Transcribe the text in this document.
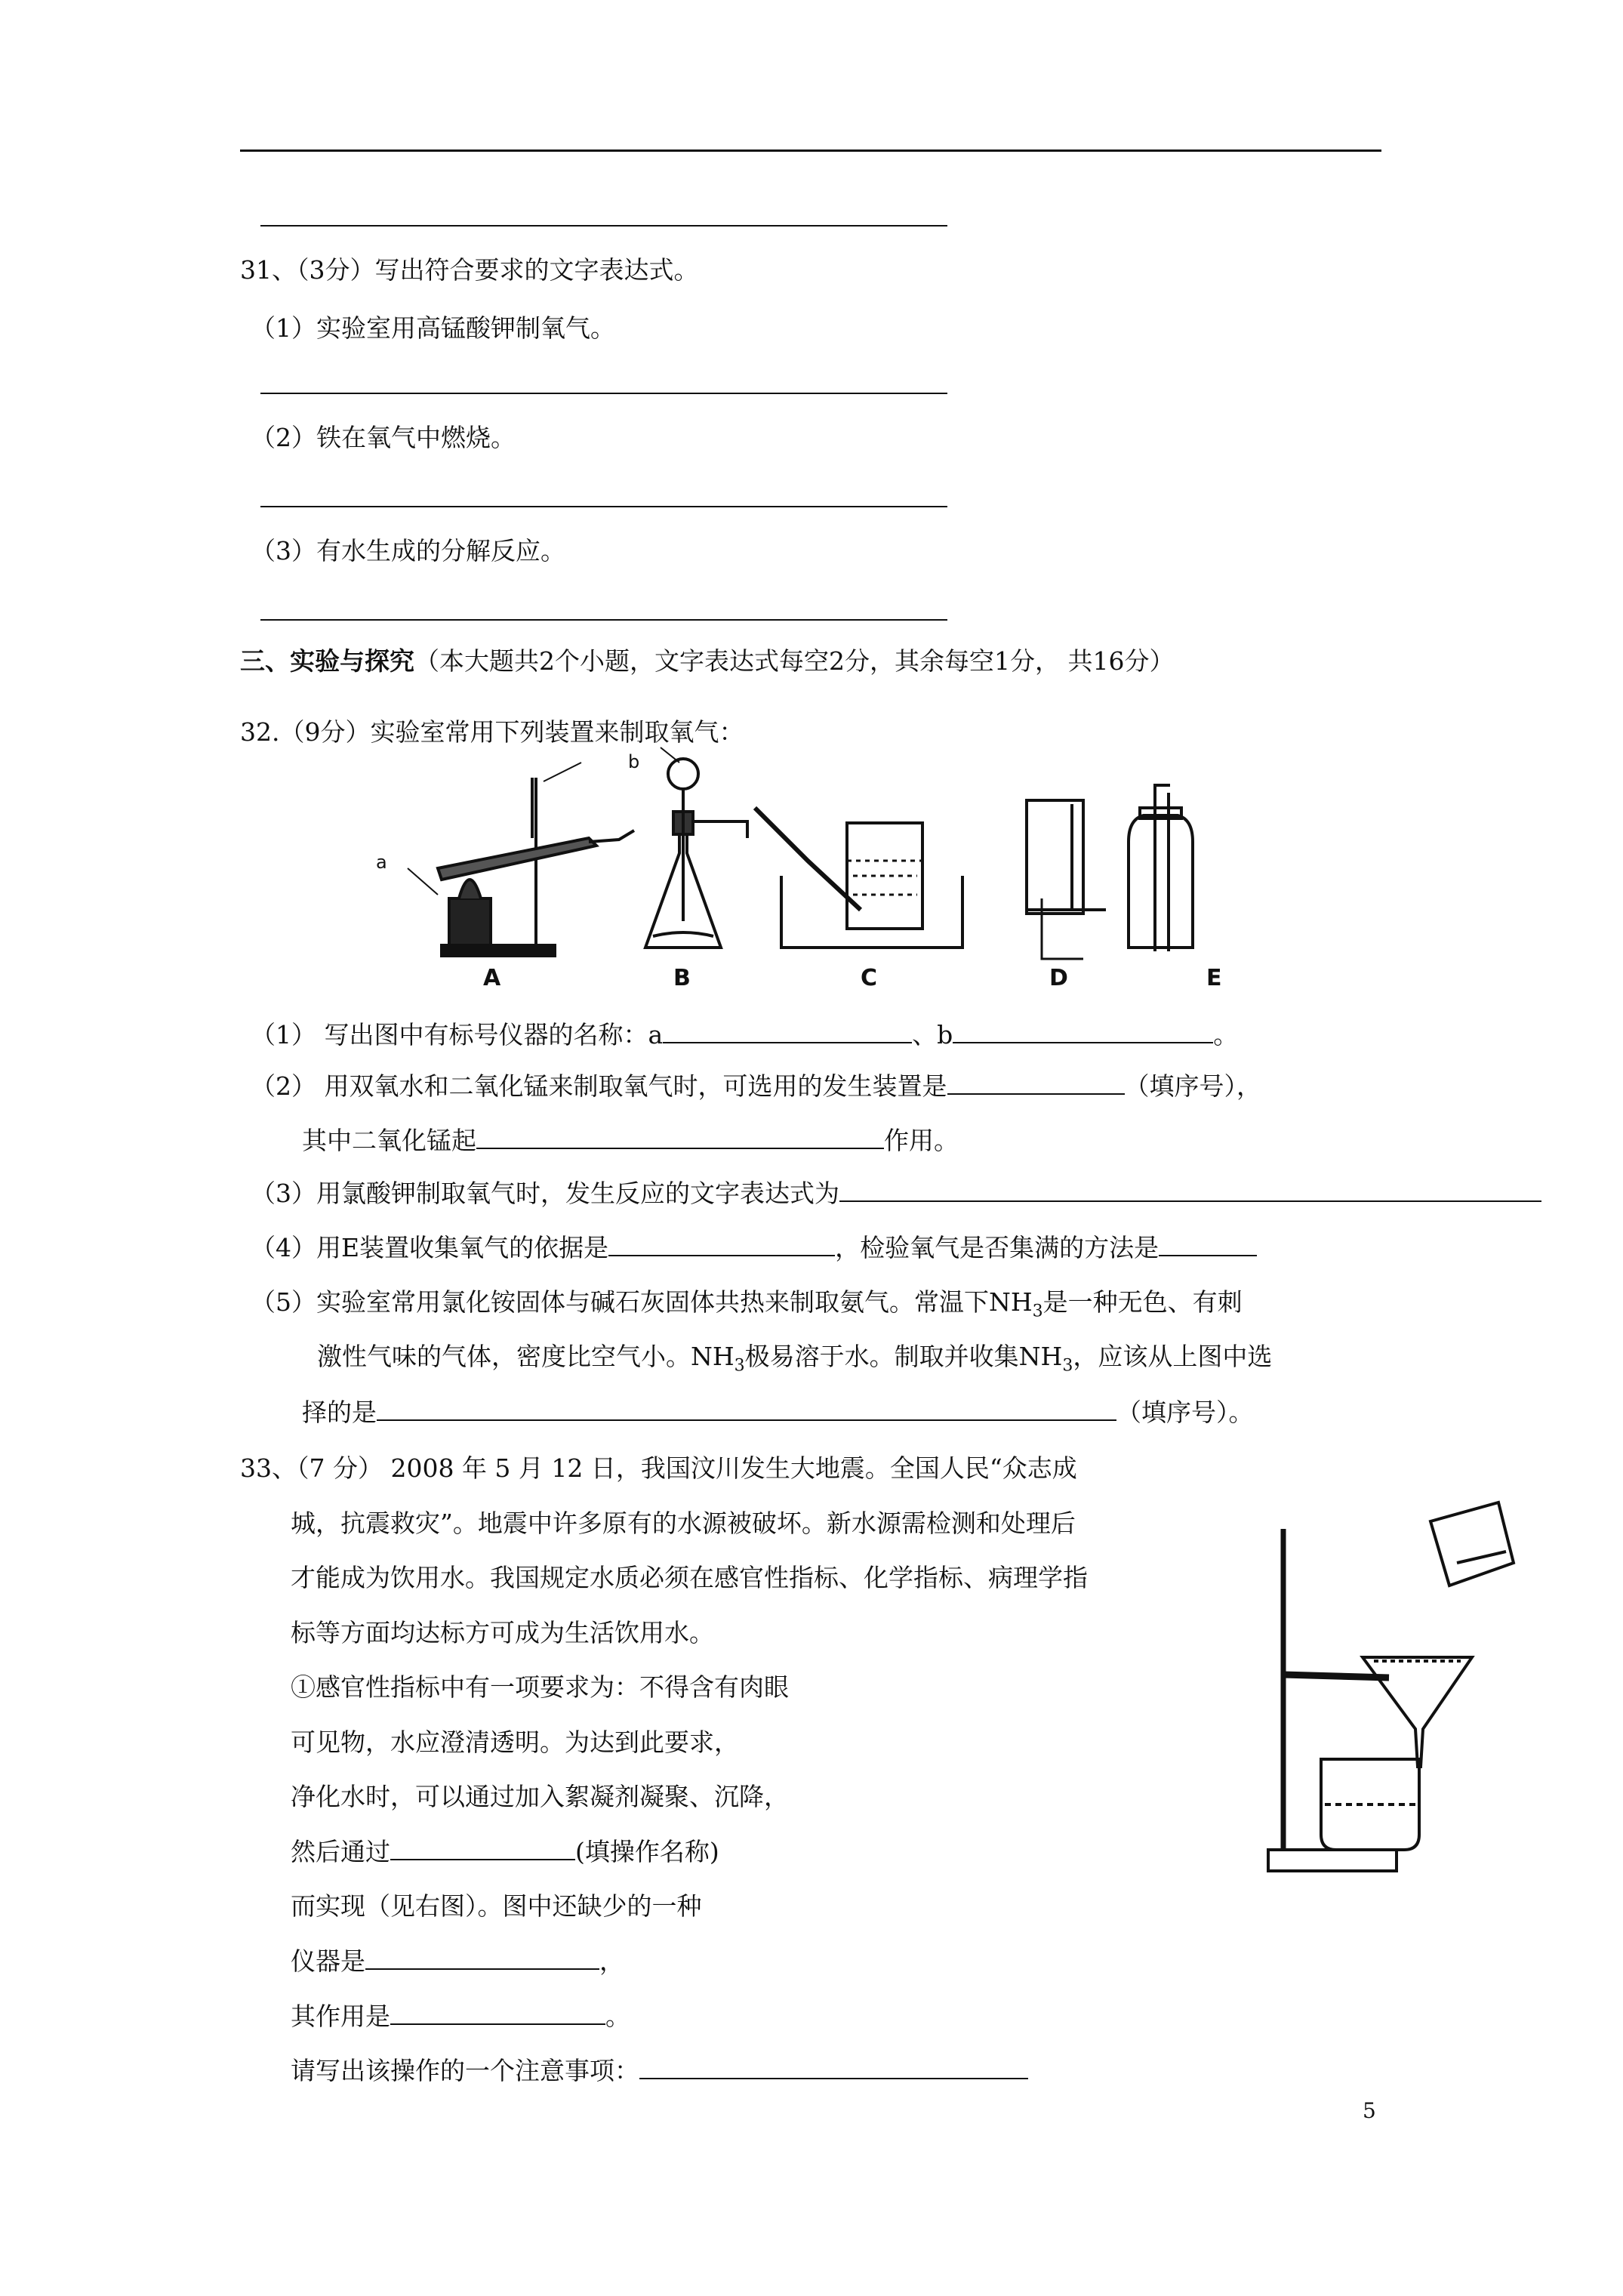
31、（3分）写出符合要求的文字表达式。
（1）实验室用高锰酸钾制氧气。
（2）铁在氧气中燃烧。
（3）有水生成的分解反应。
三、实验与探究（本大题共2个小题，文字表达式每空2分，其余每空1分， 共16分）
32.（9分）实验室常用下列装置来制取氧气：
a
b
A	B	C	D	E
（1） 写出图中有标号仪器的名称：a	、b	。
（2） 用双氧水和二氧化锰来制取氧气时，可选用的发生装置是	（填序号），
其中二氧化锰起	作用。
（3）用氯酸钾制取氧气时，发生反应的文字表达式为
（4）用E装置收集氧气的依据是	，检验氧气是否集满的方法是
（5）实验室常用氯化铵固体与碱石灰固体共热来制取氨气。常温下$NH_3$是一种无色、有刺
激性气味的气体，密度比空气小。$NH_3$极易溶于水。制取并收集$NH_3$，应该从上图中选
择的是	（填序号）。
33、（7 分） 2008 年 5 月 12 日，我国汶川发生大地震。全国人民“众志成
城，抗震救灾”。地震中许多原有的水源被破坏。新水源需检测和处理后
才能成为饮用水。我国规定水质必须在感官性指标、化学指标、病理学指
标等方面均达标方可成为生活饮用水。
①感官性指标中有一项要求为：不得含有肉眼
可见物，水应澄清透明。为达到此要求，
净化水时，可以通过加入絮凝剂凝聚、沉降，
然后通过	(填操作名称)
而实现（见右图）。图中还缺少的一种
仪器是	，
其作用是	。
请写出该操作的一个注意事项：
5
